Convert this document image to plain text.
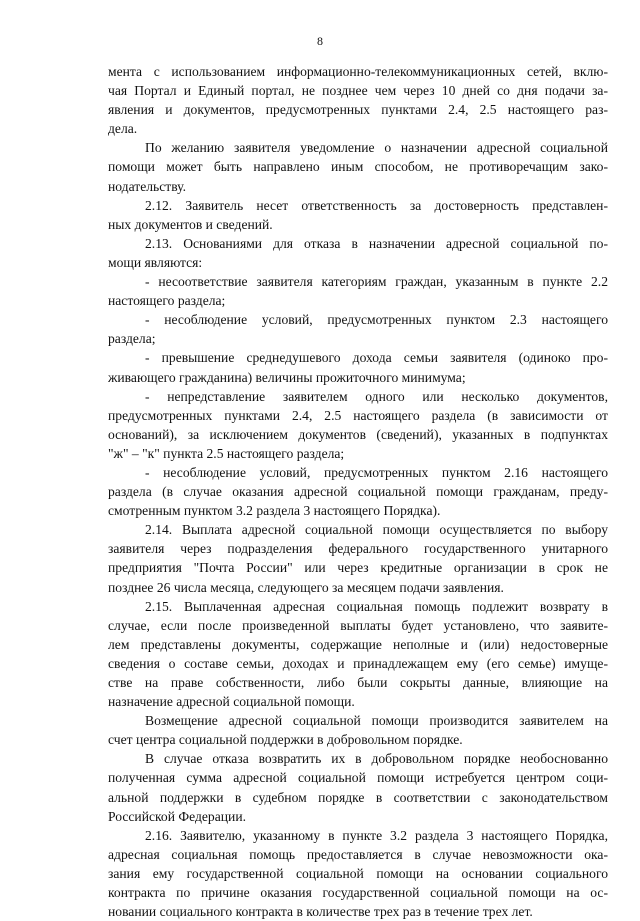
8
мента с использованием информационно-телекоммуникационных сетей, вклю-
чая Портал и Единый портал, не позднее чем через 10 дней со дня подачи за-
явления и документов, предусмотренных пунктами 2.4, 2.5 настоящего раз-
дела.
По желанию заявителя уведомление о назначении адресной социальной
помощи может быть направлено иным способом, не противоречащим зако-
нодательству.
2.12. Заявитель несет ответственность за достоверность представлен-
ных документов и сведений.
2.13. Основаниями для отказа в назначении адресной социальной по-
мощи являются:
- несоответствие заявителя категориям граждан, указанным в пункте 2.2
настоящего раздела;
- несоблюдение условий, предусмотренных пунктом 2.3 настоящего
раздела;
- превышение среднедушевого дохода семьи заявителя (одиноко про-
живающего гражданина) величины прожиточного минимума;
- непредставление заявителем одного или несколько документов,
предусмотренных пунктами 2.4, 2.5 настоящего раздела (в зависимости от
оснований), за исключением документов (сведений), указанных в подпунктах
"ж" – "к" пункта 2.5 настоящего раздела;
- несоблюдение условий, предусмотренных пунктом 2.16 настоящего
раздела (в случае оказания адресной социальной помощи гражданам, преду-
смотренным пунктом 3.2 раздела 3 настоящего Порядка).
2.14. Выплата адресной социальной помощи осуществляется по выбору
заявителя через подразделения федерального государственного унитарного
предприятия "Почта России" или через кредитные организации в срок не
позднее 26 числа месяца, следующего за месяцем подачи заявления.
2.15. Выплаченная адресная социальная помощь подлежит возврату в
случае, если после произведенной выплаты будет установлено, что заявите-
лем представлены документы, содержащие неполные и (или) недостоверные
сведения о составе семьи, доходах и принадлежащем ему (его семье) имуще-
стве на праве собственности, либо были сокрыты данные, влияющие на
назначение адресной социальной помощи.
Возмещение адресной социальной помощи производится заявителем на
счет центра социальной поддержки в добровольном порядке.
В случае отказа возвратить их в добровольном порядке необоснованно
полученная сумма адресной социальной помощи истребуется центром соци-
альной поддержки в судебном порядке в соответствии с законодательством
Российской Федерации.
2.16. Заявителю, указанному в пункте 3.2 раздела 3 настоящего Порядка,
адресная социальная помощь предоставляется в случае невозможности ока-
зания ему государственной социальной помощи на основании социального
контракта по причине оказания государственной социальной помощи на ос-
новании социального контракта в количестве трех раз в течение трех лет.
